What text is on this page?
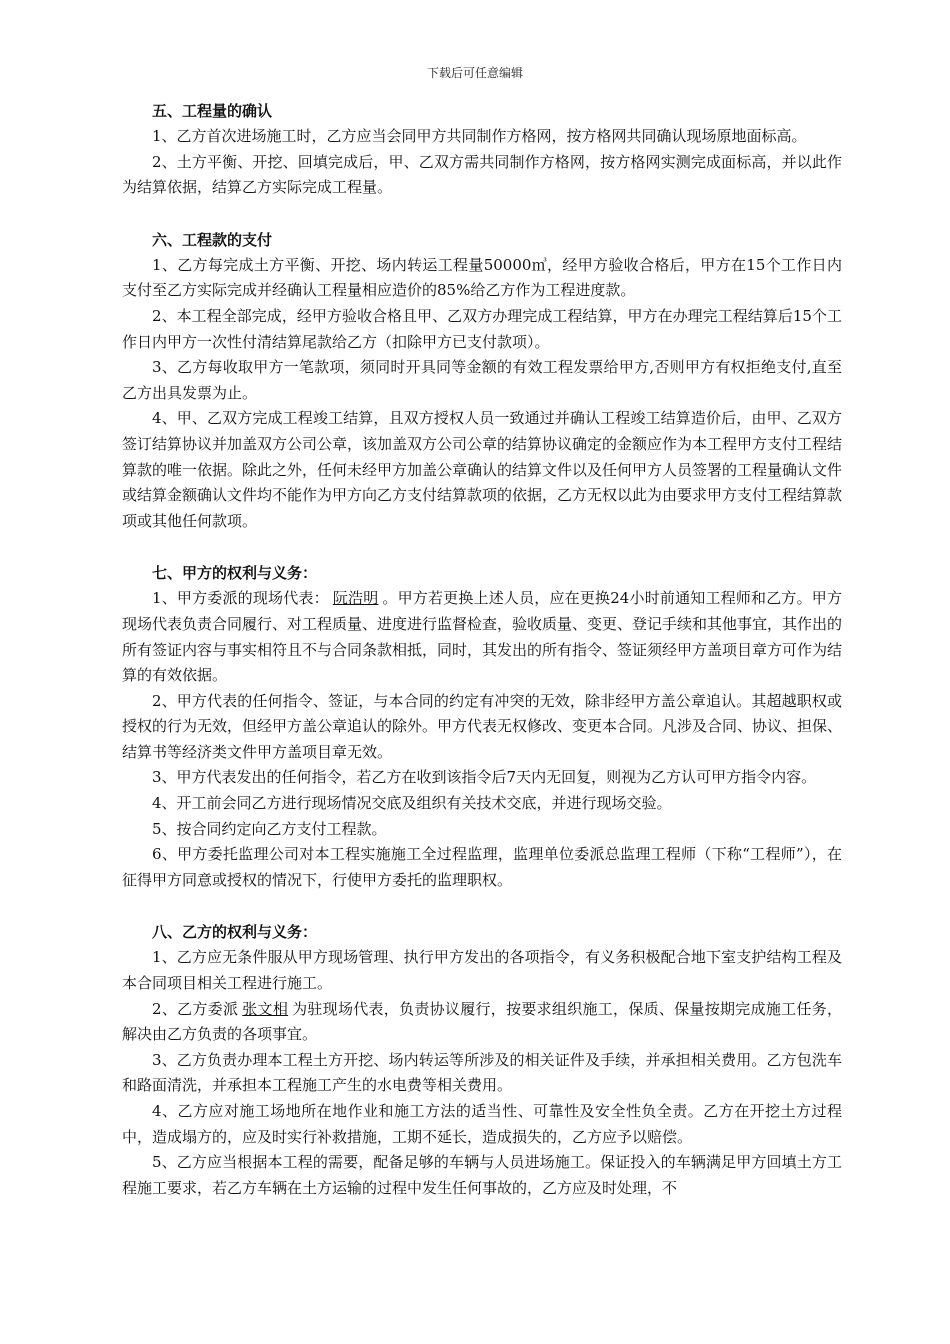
下载后可任意编辑

五、工程量的确认

1、乙方首次进场施工时，乙方应当会同甲方共同制作方格网，按方格网共同确认现场原地面标高。

2、土方平衡、开挖、回填完成后，甲、乙双方需共同制作方格网，按方格网实测完成面标高，并以此作为结算依据，结算乙方实际完成工程量。

六、工程款的支付

1、乙方每完成土方平衡、开挖、场内转运工程量50000㎥，经甲方验收合格后，甲方在15个工作日内支付至乙方实际完成并经确认工程量相应造价的85%给乙方作为工程进度款。

2、本工程全部完成，经甲方验收合格且甲、乙双方办理完成工程结算，甲方在办理完工程结算后15个工作日内甲方一次性付清结算尾款给乙方（扣除甲方已支付款项）。

3、乙方每收取甲方一笔款项，须同时开具同等金额的有效工程发票给甲方,否则甲方有权拒绝支付,直至乙方出具发票为止。

4、甲、乙双方完成工程竣工结算，且双方授权人员一致通过并确认工程竣工结算造价后，由甲、乙双方签订结算协议并加盖双方公司公章，该加盖双方公司公章的结算协议确定的金额应作为本工程甲方支付工程结算款的唯一依据。除此之外，任何未经甲方加盖公章确认的结算文件以及任何甲方人员签署的工程量确认文件或结算金额确认文件均不能作为甲方向乙方支付结算款项的依据，乙方无权以此为由要求甲方支付工程结算款项或其他任何款项。

七、甲方的权利与义务：

1、甲方委派的现场代表： 阮浩明 。甲方若更换上述人员，应在更换24小时前通知工程师和乙方。甲方现场代表负责合同履行、对工程质量、进度进行监督检查，验收质量、变更、登记手续和其他事宜，其作出的所有签证内容与事实相符且不与合同条款相抵，同时，其发出的所有指令、签证须经甲方盖项目章方可作为结算的有效依据。

2、甲方代表的任何指令、签证，与本合同的约定有冲突的无效，除非经甲方盖公章追认。其超越职权或授权的行为无效，但经甲方盖公章追认的除外。甲方代表无权修改、变更本合同。凡涉及合同、协议、担保、结算书等经济类文件甲方盖项目章无效。

3、甲方代表发出的任何指令，若乙方在收到该指令后7天内无回复，则视为乙方认可甲方指令内容。

4、开工前会同乙方进行现场情况交底及组织有关技术交底，并进行现场交验。

5、按合同约定向乙方支付工程款。

6、甲方委托监理公司对本工程实施施工全过程监理，监理单位委派总监理工程师（下称“工程师”），在征得甲方同意或授权的情况下，行使甲方委托的监理职权。

八、乙方的权利与义务：

1、乙方应无条件服从甲方现场管理、执行甲方发出的各项指令，有义务积极配合地下室支护结构工程及本合同项目相关工程进行施工。

2、乙方委派 张文相 为驻现场代表，负责协议履行，按要求组织施工，保质、保量按期完成施工任务，解决由乙方负责的各项事宜。

3、乙方负责办理本工程土方开挖、场内转运等所涉及的相关证件及手续，并承担相关费用。乙方包洗车和路面清洗，并承担本工程施工产生的水电费等相关费用。

4、乙方应对施工场地所在地作业和施工方法的适当性、可靠性及安全性负全责。乙方在开挖土方过程中，造成塌方的，应及时实行补救措施，工期不延长，造成损失的，乙方应予以赔偿。

5、乙方应当根据本工程的需要，配备足够的车辆与人员进场施工。保证投入的车辆满足甲方回填土方工程施工要求，若乙方车辆在土方运输的过程中发生任何事故的，乙方应及时处理，不
